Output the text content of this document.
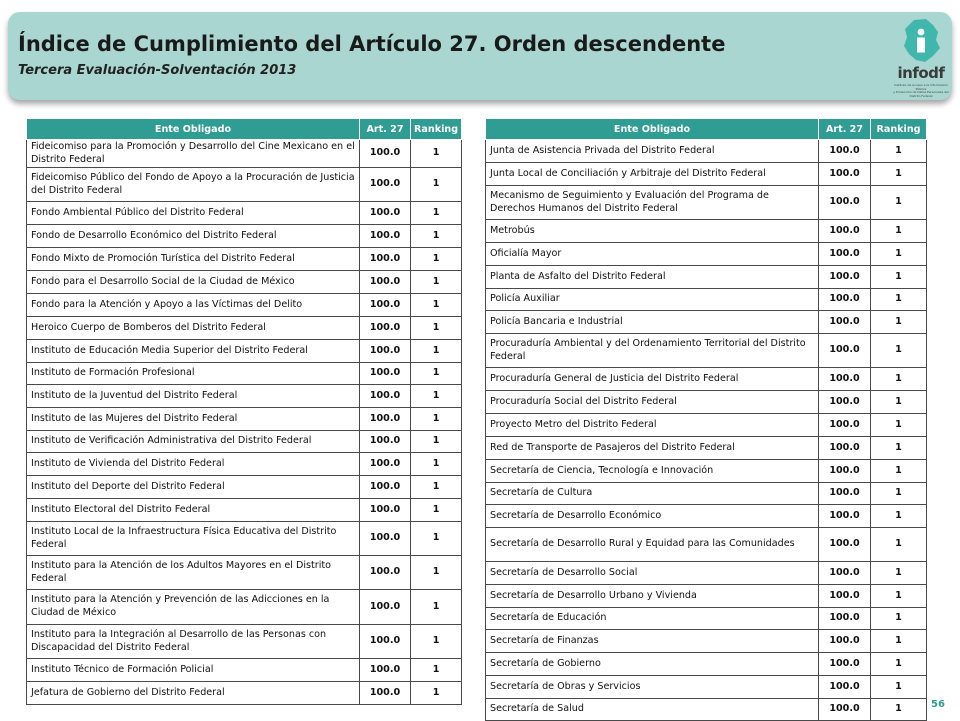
Índice de Cumplimiento del Artículo 27. Orden descendente
Tercera Evaluación-Solventación 2013	infodf
Instituto de Acceso a la Información Pública
y Protección de Datos Personales del Distrito Federal
Ente Obligado	Art. 27	Ranking
Fideicomiso para la Promoción y Desarrollo del Cine Mexicano en el Distrito Federal	100.0	1
Fideicomiso Público del Fondo de Apoyo a la Procuración de Justicia del Distrito Federal	100.0	1
Fondo Ambiental Público del Distrito Federal	100.0	1
Fondo de Desarrollo Económico del Distrito Federal	100.0	1
Fondo Mixto de Promoción Turística del Distrito Federal	100.0	1
Fondo para el Desarrollo Social de la Ciudad de México	100.0	1
Fondo para la Atención y Apoyo a las Víctimas del Delito	100.0	1
Heroico Cuerpo de Bomberos del Distrito Federal	100.0	1
Instituto de Educación Media Superior del Distrito Federal	100.0	1
Instituto de Formación Profesional	100.0	1
Instituto de la Juventud del Distrito Federal	100.0	1
Instituto de las Mujeres del Distrito Federal	100.0	1
Instituto de Verificación Administrativa del Distrito Federal	100.0	1
Instituto de Vivienda del Distrito Federal	100.0	1
Instituto del Deporte del Distrito Federal	100.0	1
Instituto Electoral del Distrito Federal	100.0	1
Instituto Local de la Infraestructura Física Educativa del Distrito Federal	100.0	1
Instituto para la Atención de los Adultos Mayores en el Distrito Federal	100.0	1
Instituto para la Atención y Prevención de las Adicciones en la Ciudad de México	100.0	1
Instituto para la Integración al Desarrollo de las Personas con Discapacidad del Distrito Federal	100.0	1
Instituto Técnico de Formación Policial	100.0	1
Jefatura de Gobierno del Distrito Federal	100.0	1
Ente Obligado	Art. 27	Ranking
Junta de Asistencia Privada del Distrito Federal	100.0	1
Junta Local de Conciliación y Arbitraje del Distrito Federal	100.0	1
Mecanismo de Seguimiento y Evaluación del Programa de Derechos Humanos del Distrito Federal	100.0	1
Metrobús	100.0	1
Oficialía Mayor	100.0	1
Planta de Asfalto del Distrito Federal	100.0	1
Policía Auxiliar	100.0	1
Policía Bancaria e Industrial	100.0	1
Procuraduría Ambiental y del Ordenamiento Territorial del Distrito Federal	100.0	1
Procuraduría General de Justicia del Distrito Federal	100.0	1
Procuraduría Social del Distrito Federal	100.0	1
Proyecto Metro del Distrito Federal	100.0	1
Red de Transporte de Pasajeros del Distrito Federal	100.0	1
Secretaría de Ciencia, Tecnología e Innovación	100.0	1
Secretaría de Cultura	100.0	1
Secretaría de Desarrollo Económico	100.0	1
Secretaría de Desarrollo Rural y Equidad para las Comunidades	100.0	1
Secretaría de Desarrollo Social	100.0	1
Secretaría de Desarrollo Urbano y Vivienda	100.0	1
Secretaría de Educación	100.0	1
Secretaría de Finanzas	100.0	1
Secretaría de Gobierno	100.0	1
Secretaría de Obras y Servicios	100.0	1
Secretaría de Salud	100.0	1	56
